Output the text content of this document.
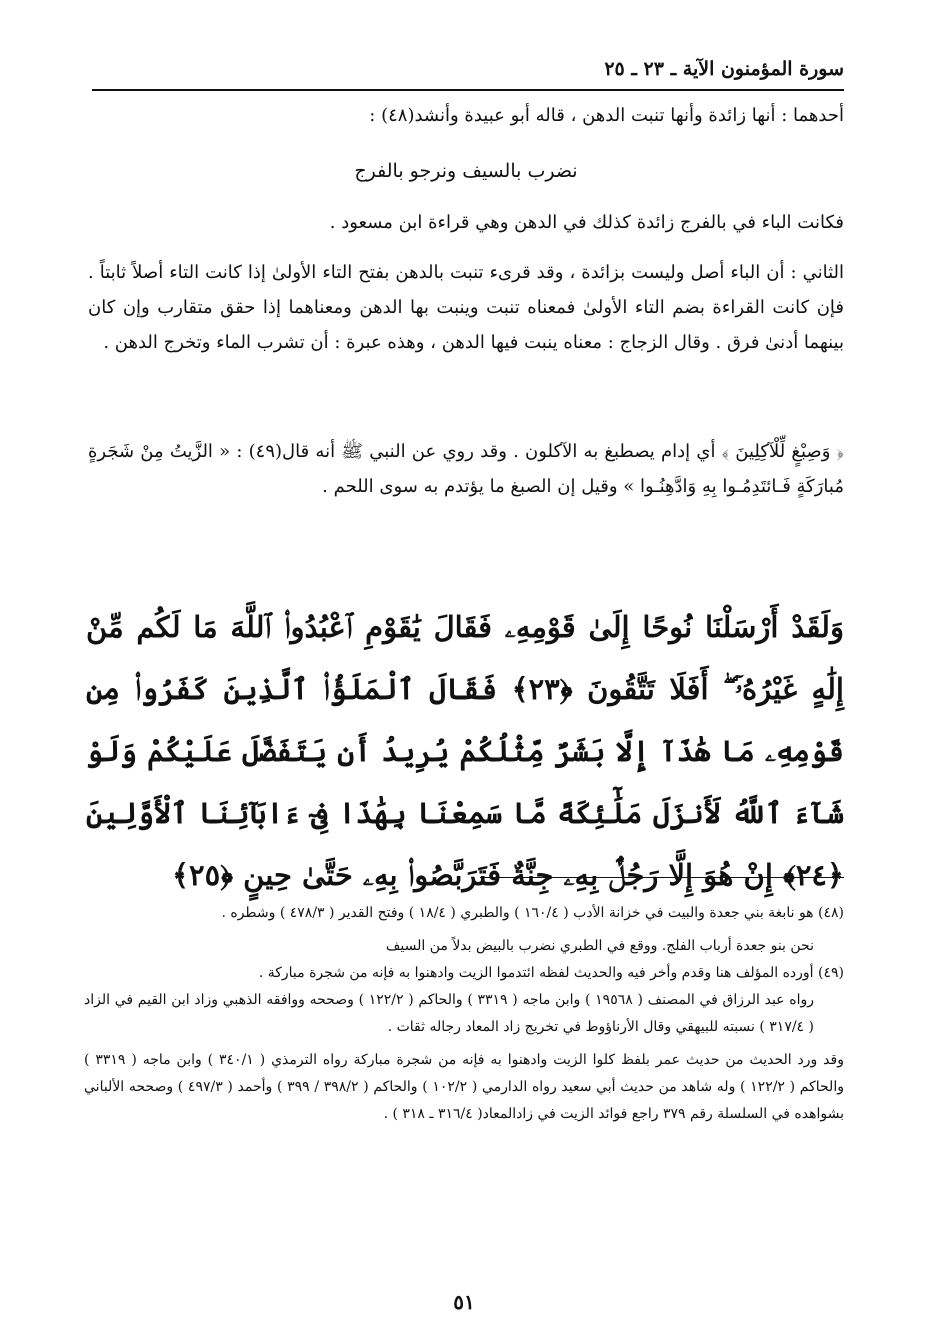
سورة المؤمنون الآية ـ ٢٣ ـ ٢٥
أحدهما : أنها زائدة وأنها تنبت الدهن ، قاله أبو عبيدة وأنشد(٤٨) :
نضرب بالسيف ونرجو بالفرج
فكانت الباء في بالفرج زائدة كذلك في الدهن وهي قراءة ابن مسعود .
الثاني : أن الباء أصل وليست بزائدة ، وقد قرىء تنبت بالدهن بفتح التاء الأولىٰ إذا كانت التاء أصلاً ثابتاً . فإن كانت القراءة بضم التاء الأولىٰ فمعناه تنبت وينبت بها الدهن ومعناهما إذا حقق متقارب وإن كان بينهما أدنىٰ فرق . وقال الزجاج : معناه ينبت فيها الدهن ، وهذه عبرة : أن تشرب الماء وتخرج الدهن .
﴿ وَصِبْغٍ لِّلْآكِلِينَ ﴾ أي إدام يصطبغ به الآكلون . وقد روي عن النبي ﷺ أنه قال(٤٩) : « الزَّيتُ مِنْ شَجَرةٍ مُبارَكَةٍ فَـائتَدِمُـوا بِهِ وَادَّهِنُـوا » وقيل إن الصبغ ما يؤتدم به سوى اللحم .
وَلَقَدْ أَرْسَلْنَا نُوحًا إِلَىٰ قَوْمِهِۦ فَقَالَ يَٰقَوْمِ ٱعْبُدُوا۟ ٱللَّهَ مَا لَكُم مِّنْ إِلَٰهٍ غَيْرُهُۥٓ ۖ أَفَلَا تَتَّقُونَ ﴿٢٣﴾ فَقَالَ ٱلْمَلَؤُا۟ ٱلَّذِينَ كَفَرُوا۟ مِن قَوْمِهِۦ مَا هَٰذَآ إِلَّا بَشَرٌ مِّثْلُكُمْ يُرِيدُ أَن يَتَفَضَّلَ عَلَيْكُمْ وَلَوْ شَآءَ ٱللَّهُ لَأَنزَلَ مَلَٰٓئِكَةً مَّا سَمِعْنَا بِهَٰذَا فِىٓ ءَابَآئِنَا ٱلْأَوَّلِينَ ﴿٢٤﴾ إِنْ هُوَ إِلَّا رَجُلٌۢ بِهِۦ جِنَّةٌ فَتَرَبَّصُوا۟ بِهِۦ حَتَّىٰ حِينٍ ﴿٢٥﴾

(٤٨) هو نابغة بني جعدة والبيت في خزانة الأدب ( ١٦٠/٤ ) والطبري ( ١٨/٤ ) وفتح القدير ( ٤٧٨/٣ ) وشطره .

نحن بنو جعدة أرباب الفلج. ووقع في الطبري نضرب بالبيض بدلاً من السيف

(٤٩) أورده المؤلف هنا وقدم وأخر فيه والحديث لفظه ائتدموا الزيت وادهنوا به فإنه من شجرة مباركة .

رواه عبد الرزاق في المصنف ( ١٩٥٦٨ ) وابن ماجه ( ٣٣١٩ ) والحاكم ( ١٢٢/٢ ) وصححه ووافقه الذهبي وزاد ابن القيم في الزاد ( ٣١٧/٤ ) نسبته للبيهقي وقال الأرناؤوط في تخريج زاد المعاد رجاله ثقات .

وقد ورد الحديث من حديث عمر بلفظ كلوا الزيت وادهنوا به فإنه من شجرة مباركة رواه الترمذي ( ٣٤٠/١ ) وابن ماجه ( ٣٣١٩ ) والحاكم ( ١٢٢/٢ ) وله شاهد من حديث أبي سعيد رواه الدارمي ( ١٠٢/٢ ) والحاكم ( ٣٩٨/٢ / ٣٩٩ ) وأحمد ( ٤٩٧/٣ ) وصححه الألباني بشواهده في السلسلة رقم ٣٧٩ راجع فوائد الزيت في زادالمعاد( ٣١٦/٤ ـ ٣١٨ ) .

٥١
